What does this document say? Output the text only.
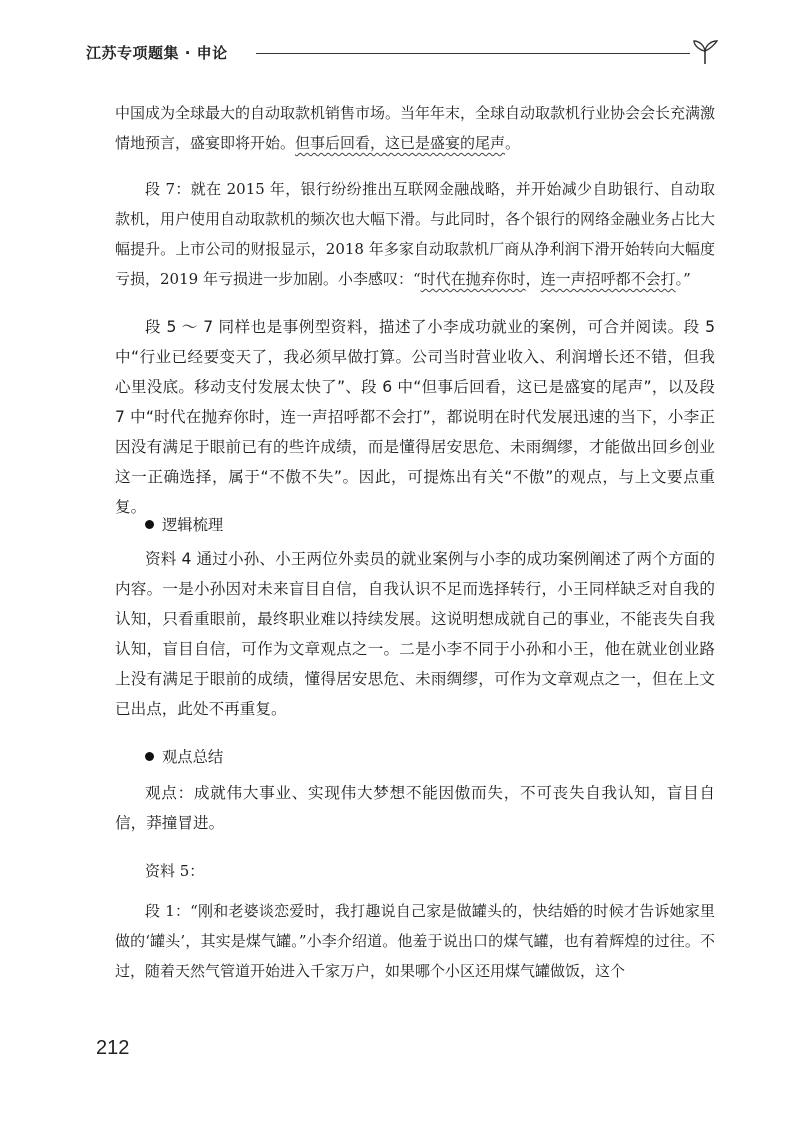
江苏专项题集 · 申论

中国成为全球最大的自动取款机销售市场。当年年末，全球自动取款机行业协会会长充满激情地预言，盛宴即将开始。但事后回看，这已是盛宴的尾声。

段 7：就在 2015 年，银行纷纷推出互联网金融战略，并开始减少自助银行、自动取款机，用户使用自动取款机的频次也大幅下滑。与此同时，各个银行的网络金融业务占比大幅提升。上市公司的财报显示，2018 年多家自动取款机厂商从净利润下滑开始转向大幅度亏损，2019 年亏损进一步加剧。小李感叹：“时代在抛弃你时，连一声招呼都不会打。”

段 5 ～ 7 同样也是事例型资料，描述了小李成功就业的案例，可合并阅读。段 5 中“行业已经要变天了，我必须早做打算。公司当时营业收入、利润增长还不错，但我心里没底。移动支付发展太快了”、段 6 中“但事后回看，这已是盛宴的尾声”，以及段 7 中“时代在抛弃你时，连一声招呼都不会打”，都说明在时代发展迅速的当下，小李正因没有满足于眼前已有的些许成绩，而是懂得居安思危、未雨绸缪，才能做出回乡创业这一正确选择，属于“不傲不失”。因此，可提炼出有关“不傲”的观点，与上文要点重复。

逻辑梳理

资料 4 通过小孙、小王两位外卖员的就业案例与小李的成功案例阐述了两个方面的内容。一是小孙因对未来盲目自信，自我认识不足而选择转行，小王同样缺乏对自我的认知，只看重眼前，最终职业难以持续发展。这说明想成就自己的事业，不能丧失自我认知，盲目自信，可作为文章观点之一。二是小李不同于小孙和小王，他在就业创业路上没有满足于眼前的成绩，懂得居安思危、未雨绸缪，可作为文章观点之一，但在上文已出点，此处不再重复。

观点总结

观点：成就伟大事业、实现伟大梦想不能因傲而失，不可丧失自我认知，盲目自信，莽撞冒进。

资料 5：

段 1：“刚和老婆谈恋爱时，我打趣说自己家是做罐头的，快结婚的时候才告诉她家里做的‘罐头’，其实是煤气罐。”小李介绍道。他羞于说出口的煤气罐，也有着辉煌的过往。不过，随着天然气管道开始进入千家万户，如果哪个小区还用煤气罐做饭，这个

212
